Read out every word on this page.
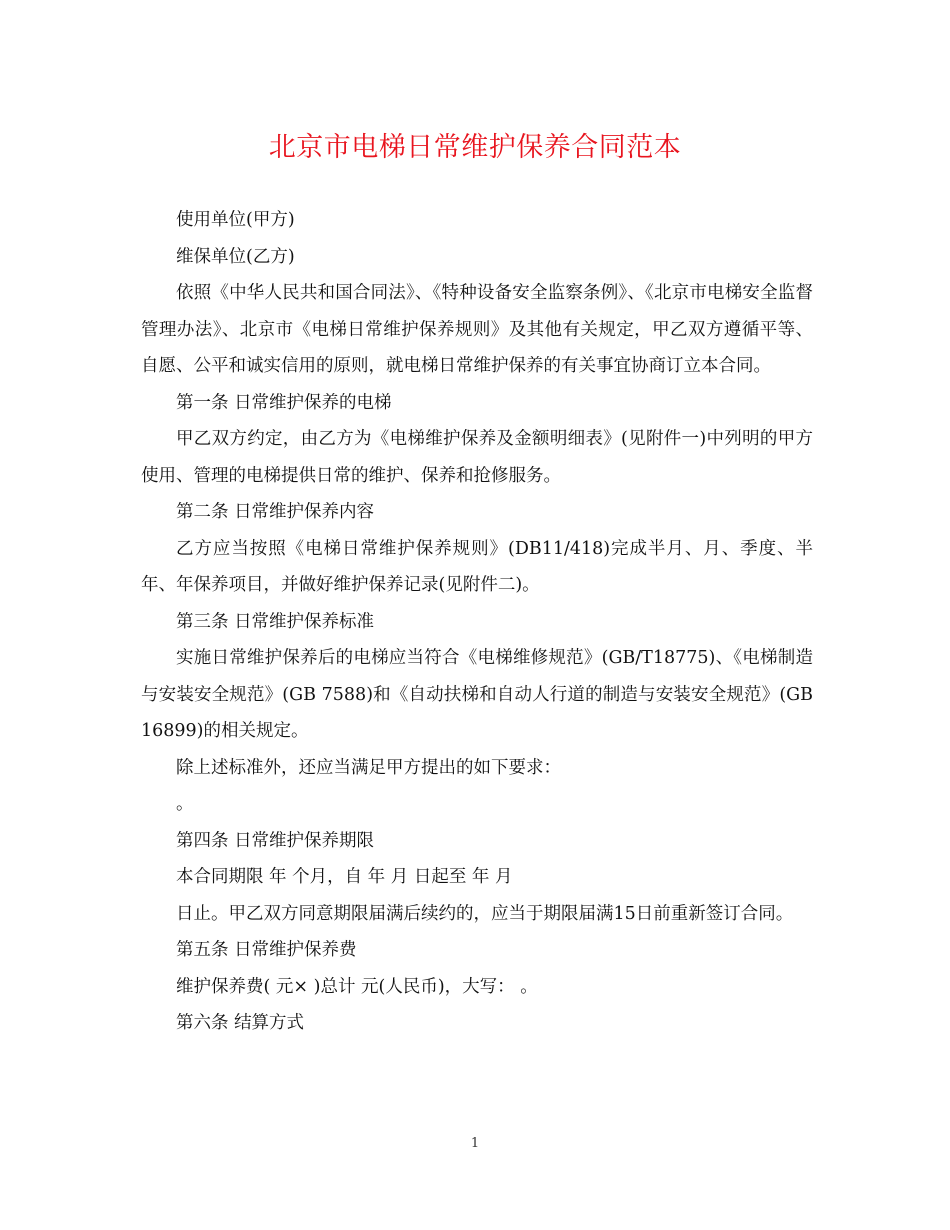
北京市电梯日常维护保养合同范本

使用单位(甲方)

维保单位(乙方)

依照《中华人民共和国合同法》、《特种设备安全监察条例》、《北京市电梯安全监督管理办法》、北京市《电梯日常维护保养规则》及其他有关规定，甲乙双方遵循平等、自愿、公平和诚实信用的原则，就电梯日常维护保养的有关事宜协商订立本合同。

第一条 日常维护保养的电梯

甲乙双方约定，由乙方为《电梯维护保养及金额明细表》(见附件一)中列明的甲方使用、管理的电梯提供日常的维护、保养和抢修服务。

第二条 日常维护保养内容

乙方应当按照《电梯日常维护保养规则》(DB11/418)完成半月、月、季度、半年、年保养项目，并做好维护保养记录(见附件二)。

第三条 日常维护保养标准

实施日常维护保养后的电梯应当符合《电梯维修规范》(GB/T18775)、《电梯制造与安装安全规范》(GB 7588)和《自动扶梯和自动人行道的制造与安装安全规范》(GB 16899)的相关规定。

除上述标准外，还应当满足甲方提出的如下要求：

。

第四条 日常维护保养期限

本合同期限 年 个月，自 年 月 日起至 年 月

日止。甲乙双方同意期限届满后续约的，应当于期限届满15日前重新签订合同。

第五条 日常维护保养费

维护保养费( 元× )总计 元(人民币)，大写： 。

第六条 结算方式

1
